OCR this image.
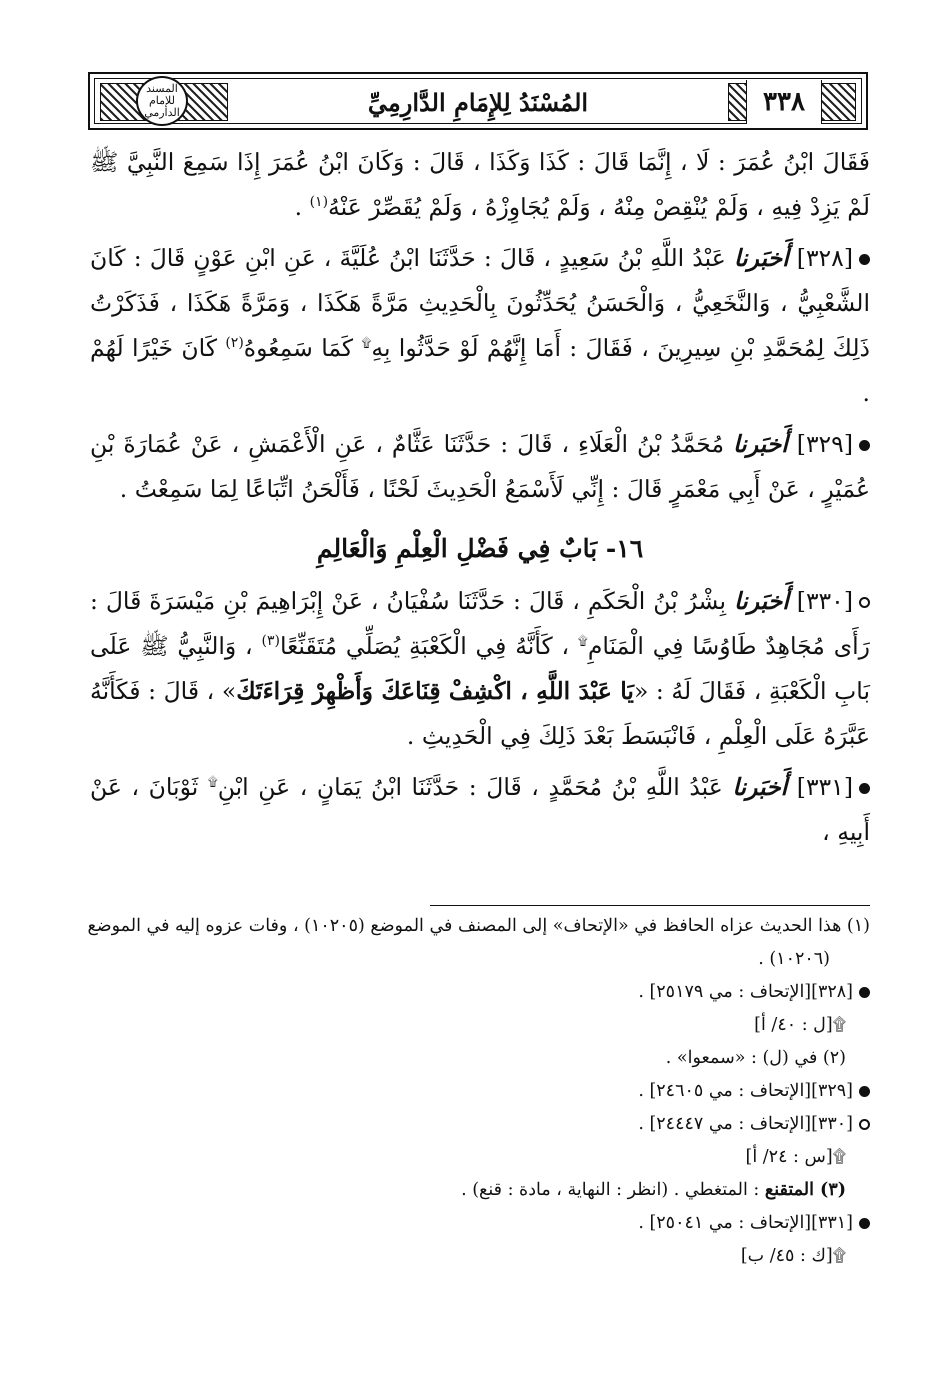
المسند للإمام الدارمي	٣٣٨
المُسْنَدُ لِلإِمَامِ الدَّارِمِيِّ

فَقَالَ ابْنُ عُمَرَ : لَا ، إِنَّمَا قَالَ : كَذَا وَكَذَا ، قَالَ : وَكَانَ ابْنُ عُمَرَ إِذَا سَمِعَ النَّبِيَّ ﷺ لَمْ يَزِدْ فِيهِ ، وَلَمْ يُنْقِصْ مِنْهُ ، وَلَمْ يُجَاوِزْهُ ، وَلَمْ يُقَصِّرْ عَنْهُ$^{(١)}$ .

[٣٢٨] أَخبَرنا عَبْدُ اللَّهِ بْنُ سَعِيدٍ ، قَالَ : حَدَّثَنَا ابْنُ عُلَيَّةَ ، عَنِ ابْنِ عَوْنٍ قَالَ : كَانَ الشَّعْبِيُّ ، وَالنَّخَعِيُّ ، وَالْحَسَنُ يُحَدِّثُونَ بِالْحَدِيثِ مَرَّةً هَكَذَا ، وَمَرَّةً هَكَذَا ، فَذَكَرْتُ ذَلِكَ لِمُحَمَّدِ بْنِ سِيرِينَ ، فَقَالَ : أَمَا إِنَّهُمْ لَوْ حَدَّثُوا بِهِ۩ كَمَا سَمِعُوهُ$^{(٢)}$ كَانَ خَيْرًا لَهُمْ .

[٣٢٩] أَخبَرنا مُحَمَّدُ بْنُ الْعَلَاءِ ، قَالَ : حَدَّثَنَا عَثَّامٌ ، عَنِ الْأَعْمَشِ ، عَنْ عُمَارَةَ بْنِ عُمَيْرٍ ، عَنْ أَبِي مَعْمَرٍ قَالَ : إِنِّي لَأَسْمَعُ الْحَدِيثَ لَحْنًا ، فَأَلْحَنُ اتِّبَاعًا لِمَا سَمِعْتُ .

١٦- بَابٌ فِي فَضْلِ الْعِلْمِ وَالْعَالِمِ

[٣٣٠] أَخبَرنا بِشْرُ بْنُ الْحَكَمِ ، قَالَ : حَدَّثَنَا سُفْيَانُ ، عَنْ إِبْرَاهِيمَ بْنِ مَيْسَرَةَ قَالَ : رَأَى مُجَاهِدٌ طَاوُسًا فِي الْمَنَامِ۩ ، كَأَنَّهُ فِي الْكَعْبَةِ يُصَلِّي مُتَقَنِّعًا$^{(٣)}$ ، وَالنَّبِيُّ ﷺ عَلَى بَابِ الْكَعْبَةِ ، فَقَالَ لَهُ : «يَا عَبْدَ اللَّهِ ، اكْشِفْ قِنَاعَكَ وَأَظْهِرْ قِرَاءَتَكَ» ، قَالَ : فَكَأَنَّهُ عَبَّرَهُ عَلَى الْعِلْمِ ، فَانْبَسَطَ بَعْدَ ذَلِكَ فِي الْحَدِيثِ .

[٣٣١] أَخبَرنا عَبْدُ اللَّهِ بْنُ مُحَمَّدٍ ، قَالَ : حَدَّثَنَا ابْنُ يَمَانٍ ، عَنِ ابْنِ۩ ثَوْبَانَ ، عَنْ أَبِيهِ ،

(١) هذا الحديث عزاه الحافظ في «الإتحاف» إلى المصنف في الموضع (١٠٢٠٥) ، وفات عزوه إليه في الموضع
(١٠٢٠٦) .
[٣٢٨][الإتحاف : مي ٢٥١٧٩] .
۩[ل : ٤٠/ أ]
(٢) في (ل) : «سمعوا» .
[٣٢٩][الإتحاف : مي ٢٤٦٠٥] .
[٣٣٠][الإتحاف : مي ٢٤٤٤٧] .
۩[س : ٢٤/ أ]
(٣) المتقنع : المتغطي . (انظر : النهاية ، مادة : قنع) .
[٣٣١][الإتحاف : مي ٢٥٠٤١] .
۩[ك : ٤٥/ ب]
